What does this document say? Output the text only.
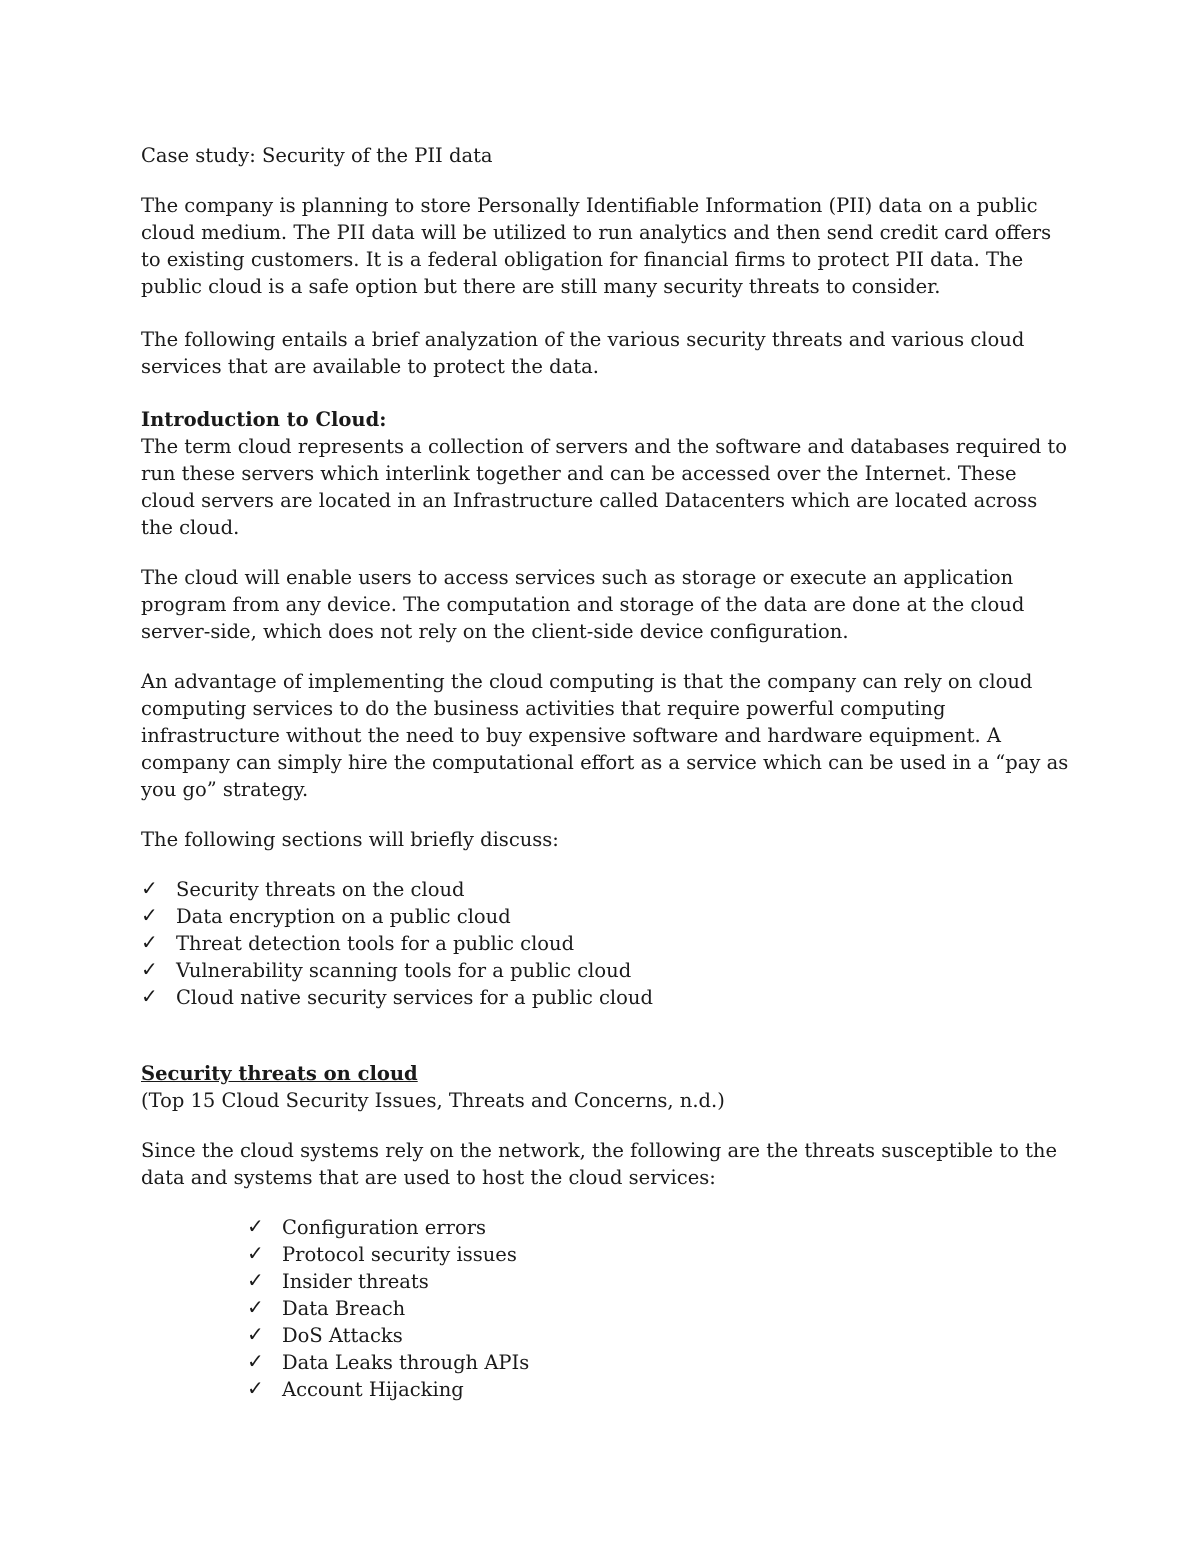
Case study: Security of the PII data

The company is planning to store Personally Identifiable Information (PII) data on a public cloud medium. The PII data will be utilized to run analytics and then send credit card offers to existing customers. It is a federal obligation for financial firms to protect PII data. The public cloud is a safe option but there are still many security threats to consider.

The following entails a brief analyzation of the various security threats and various cloud services that are available to protect the data.

Introduction to Cloud:

The term cloud represents a collection of servers and the software and databases required to run these servers which interlink together and can be accessed over the Internet. These cloud servers are located in an Infrastructure called Datacenters which are located across the cloud.

The cloud will enable users to access services such as storage or execute an application program from any device. The computation and storage of the data are done at the cloud server-side, which does not rely on the client-side device configuration.

An advantage of implementing the cloud computing is that the company can rely on cloud computing services to do the business activities that require powerful computing infrastructure without the need to buy expensive software and hardware equipment. A company can simply hire the computational effort as a service which can be used in a “pay as you go” strategy.

The following sections will briefly discuss:

✓ Security threats on the cloud
✓ Data encryption on a public cloud
✓ Threat detection tools for a public cloud
✓ Vulnerability scanning tools for a public cloud
✓ Cloud native security services for a public cloud

Security threats on cloud

(Top 15 Cloud Security Issues, Threats and Concerns, n.d.)

Since the cloud systems rely on the network, the following are the threats susceptible to the data and systems that are used to host the cloud services:

✓ Configuration errors
✓ Protocol security issues
✓ Insider threats
✓ Data Breach
✓ DoS Attacks
✓ Data Leaks through APIs
✓ Account Hijacking
